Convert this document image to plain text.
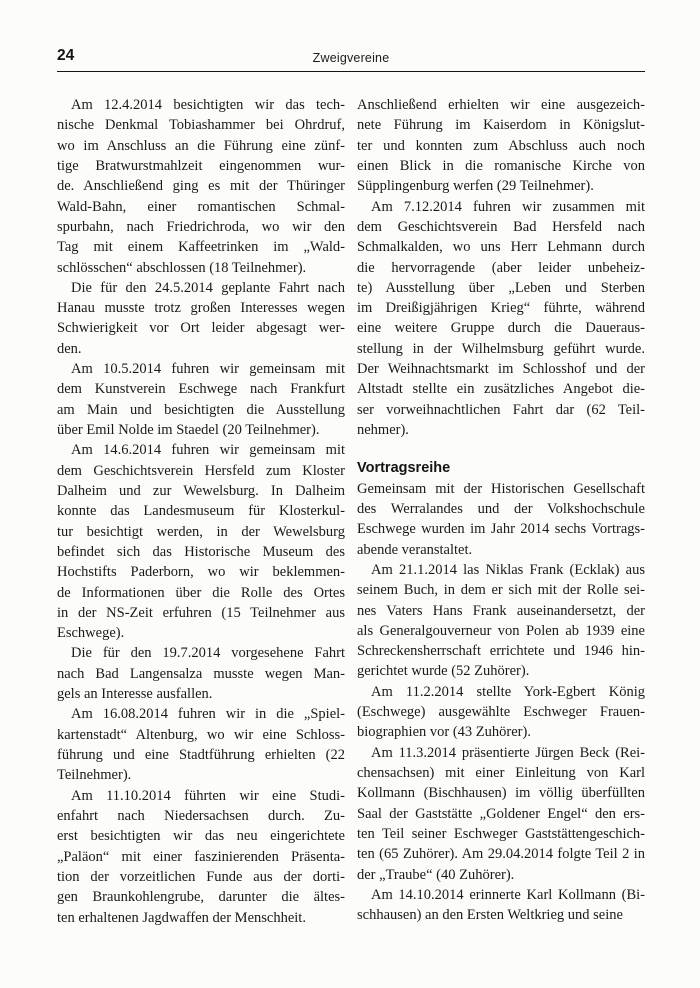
24	Zweigvereine
Am 12.4.2014 besichtigten wir das tech-
nische Denkmal Tobiashammer bei Ohrdruf,
wo im Anschluss an die Führung eine zünf-
tige Bratwurstmahlzeit eingenommen wur-
de. Anschließend ging es mit der Thüringer
Wald-Bahn, einer romantischen Schmal-
spurbahn, nach Friedrichroda, wo wir den
Tag mit einem Kaffeetrinken im „Wald-
schlösschen“ abschlossen (18 Teilnehmer).
Die für den 24.5.2014 geplante Fahrt nach
Hanau musste trotz großen Interesses wegen
Schwierigkeit vor Ort leider abgesagt wer-
den.
Am 10.5.2014 fuhren wir gemeinsam mit
dem Kunstverein Eschwege nach Frankfurt
am Main und besichtigten die Ausstellung
über Emil Nolde im Staedel (20 Teilnehmer).
Am 14.6.2014 fuhren wir gemeinsam mit
dem Geschichtsverein Hersfeld zum Kloster
Dalheim und zur Wewelsburg. In Dalheim
konnte das Landesmuseum für Klosterkul-
tur besichtigt werden, in der Wewelsburg
befindet sich das Historische Museum des
Hochstifts Paderborn, wo wir beklemmen-
de Informationen über die Rolle des Ortes
in der NS-Zeit erfuhren (15 Teilnehmer aus
Eschwege).
Die für den 19.7.2014 vorgesehene Fahrt
nach Bad Langensalza musste wegen Man-
gels an Interesse ausfallen.
Am 16.08.2014 fuhren wir in die „Spiel-
kartenstadt“ Altenburg, wo wir eine Schloss-
führung und eine Stadtführung erhielten (22
Teilnehmer).
Am 11.10.2014 führten wir eine Studi-
enfahrt nach Niedersachsen durch. Zu-
erst besichtigten wir das neu eingerichtete
„Paläon“ mit einer faszinierenden Präsenta-
tion der vorzeitlichen Funde aus der dorti-
gen Braunkohlengrube, darunter die ältes-
ten erhaltenen Jagdwaffen der Menschheit.
Anschließend erhielten wir eine ausgezeich-
nete Führung im Kaiserdom in Königslut-
ter und konnten zum Abschluss auch noch
einen Blick in die romanische Kirche von
Süpplingenburg werfen (29 Teilnehmer).
Am 7.12.2014 fuhren wir zusammen mit
dem Geschichtsverein Bad Hersfeld nach
Schmalkalden, wo uns Herr Lehmann durch
die hervorragende (aber leider unbeheiz-
te) Ausstellung über „Leben und Sterben
im Dreißigjährigen Krieg“ führte, während
eine weitere Gruppe durch die Daueraus-
stellung in der Wilhelmsburg geführt wurde.
Der Weihnachtsmarkt im Schlosshof und der
Altstadt stellte ein zusätzliches Angebot die-
ser vorweihnachtlichen Fahrt dar (62 Teil-
nehmer).
Vortragsreihe
Gemeinsam mit der Historischen Gesellschaft
des Werralandes und der Volkshochschule
Eschwege wurden im Jahr 2014 sechs Vortrags-
abende veranstaltet.
Am 21.1.2014 las Niklas Frank (Ecklak) aus
seinem Buch, in dem er sich mit der Rolle sei-
nes Vaters Hans Frank auseinandersetzt, der
als Generalgouverneur von Polen ab 1939 eine
Schreckensherrschaft errichtete und 1946 hin-
gerichtet wurde (52 Zuhörer).
Am 11.2.2014 stellte York-Egbert König
(Eschwege) ausgewählte Eschweger Frauen-
biographien vor (43 Zuhörer).
Am 11.3.2014 präsentierte Jürgen Beck (Rei-
chensachsen) mit einer Einleitung von Karl
Kollmann (Bischhausen) im völlig überfüllten
Saal der Gaststätte „Goldener Engel“ den ers-
ten Teil seiner Eschweger Gaststättengeschich-
ten (65 Zuhörer). Am 29.04.2014 folgte Teil 2 in
der „Traube“ (40 Zuhörer).
Am 14.10.2014 erinnerte Karl Kollmann (Bi-
schhausen) an den Ersten Weltkrieg und seine
